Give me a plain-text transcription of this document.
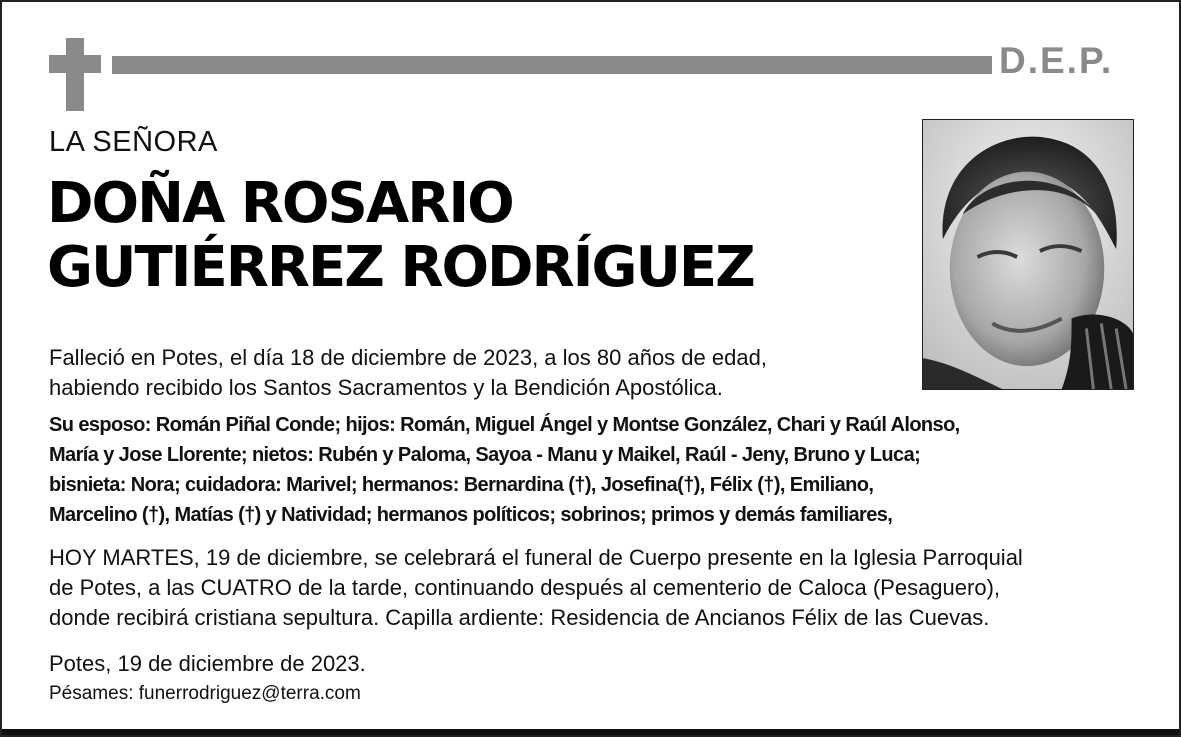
D.E.P.
LA SEÑORA
DOÑA ROSARIO
GUTIÉRREZ RODRÍGUEZ
Falleció en Potes, el día 18 de diciembre de 2023, a los 80 años de edad,
habiendo recibido los Santos Sacramentos y la Bendición Apostólica.
Su esposo: Román Piñal Conde; hijos: Román, Miguel Ángel y Montse González, Chari y Raúl Alonso,
María y Jose Llorente; nietos: Rubén y Paloma, Sayoa - Manu y Maikel, Raúl - Jeny, Bruno y Luca;
bisnieta: Nora; cuidadora: Marivel; hermanos: Bernardina (†), Josefina(†), Félix (†), Emiliano,
Marcelino (†), Matías (†) y Natividad; hermanos políticos; sobrinos; primos y demás familiares,
HOY MARTES, 19 de diciembre, se celebrará el funeral de Cuerpo presente en la Iglesia Parroquial
de Potes, a las CUATRO de la tarde, continuando después al cementerio de Caloca (Pesaguero),
donde recibirá cristiana sepultura. Capilla ardiente: Residencia de Ancianos Félix de las Cuevas.
Potes, 19 de diciembre de 2023.
Pésames: funerrodriguez@terra.com
